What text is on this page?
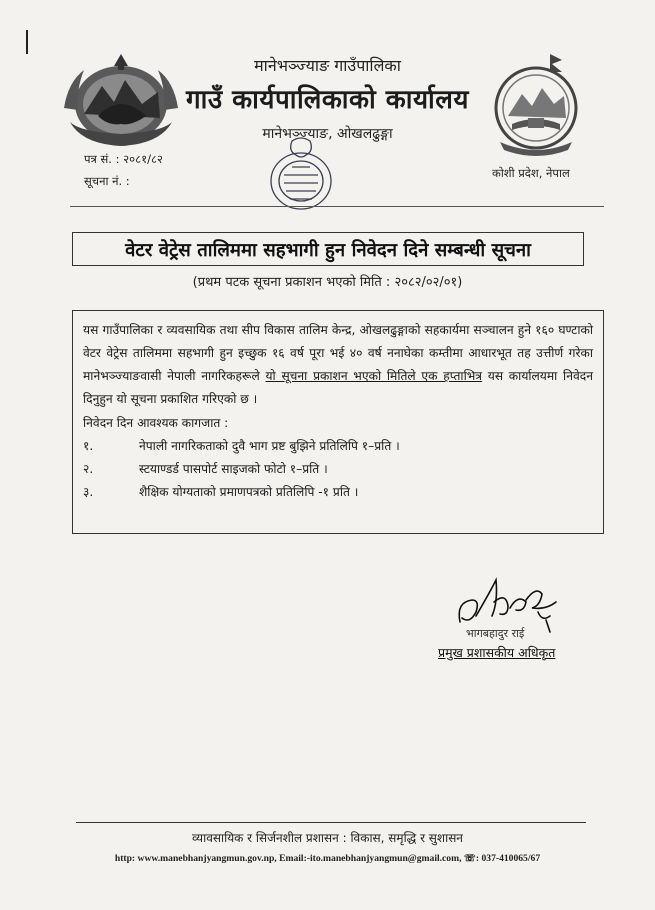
मानेभञ्ज्याङ गाउँपालिका
गाउँ कार्यपालिकाको कार्यालय
मानेभञ्ज्याङ, ओखलढुङ्गा
कोशी प्रदेश, नेपाल
पत्र सं. : २०८१/८२
सूचना नं. :
वेटर वेट्रेस तालिममा सहभागी हुन निवेदन दिने सम्बन्धी सूचना
(प्रथम पटक सूचना प्रकाशन भएको मिति : २०८२/०२/०१)
यस गाउँपालिका र व्यवसायिक तथा सीप विकास तालिम केन्द्र, ओखलढुङ्गाको सहकार्यमा सञ्चालन हुने १६० घण्टाको वेटर वेट्रेस तालिममा सहभागी हुन इच्छुक १६ वर्ष पूरा भई ४० वर्ष ननाघेका कम्तीमा आधारभूत तह उत्तीर्ण गरेका मानेभञ्ज्याङवासी नेपाली नागरिकहरूले यो सूचना प्रकाशन भएको मितिले एक हप्ताभित्र यस कार्यालयमा निवेदन दिनुहुन यो सूचना प्रकाशित गरिएको छ ।
निवेदन दिन आवश्यक कागजात :
१.	नेपाली नागरिकताको दुवै भाग प्रष्ट बुझिने प्रतिलिपि १–प्रति ।
२.	स्टयाण्डर्ड पासपोर्ट साइजको फोटो १–प्रति ।
३.	शैक्षिक योग्यताको प्रमाणपत्रको प्रतिलिपि -१ प्रति ।
भागबहादुर राई
प्रमुख प्रशासकीय अधिकृत
व्यावसायिक र सिर्जनशील प्रशासन : विकास, समृद्धि र सुशासन
http: www.manebhanjyangmun.gov.np, Email:-ito.manebhanjyangmun@gmail.com, ☏: 037-410065/67
